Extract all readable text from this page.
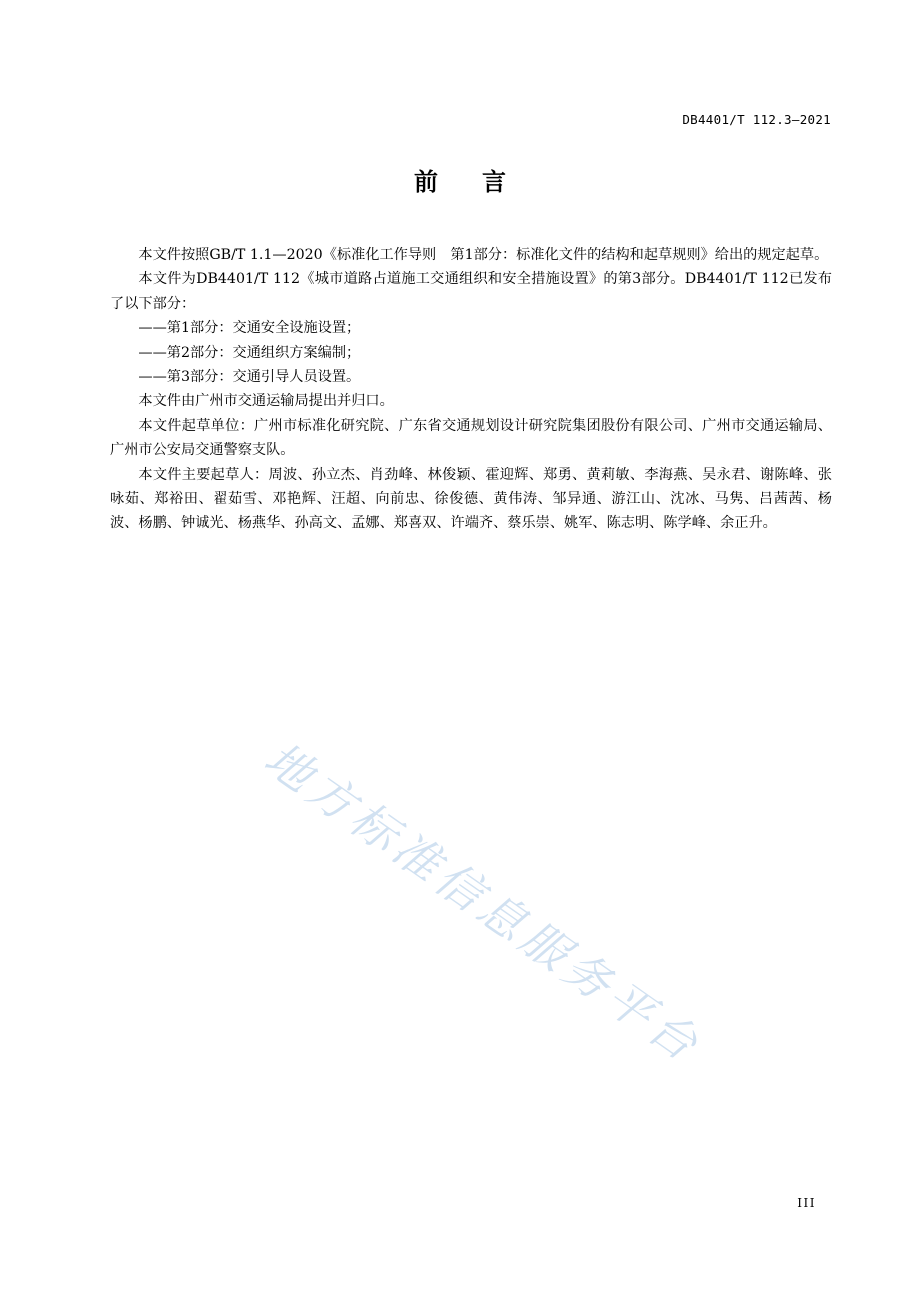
DB4401/T 112.3—2021
前言

本文件按照GB/T 1.1—2020《标准化工作导则　第1部分：标准化文件的结构和起草规则》给出的规定起草。

本文件为DB4401/T 112《城市道路占道施工交通组织和安全措施设置》的第3部分。DB4401/T 112已发布了以下部分：

——第1部分：交通安全设施设置；

——第2部分：交通组织方案编制；

——第3部分：交通引导人员设置。

本文件由广州市交通运输局提出并归口。

本文件起草单位：广州市标准化研究院、广东省交通规划设计研究院集团股份有限公司、广州市交通运输局、广州市公安局交通警察支队。

本文件主要起草人：周波、孙立杰、肖劲峰、林俊颖、霍迎辉、郑勇、黄莉敏、李海燕、吴永君、谢陈峰、张咏茹、郑裕田、翟茹雪、邓艳辉、汪超、向前忠、徐俊德、黄伟涛、邹异通、游江山、沈冰、马隽、吕茜茜、杨波、杨鹏、钟诚光、杨燕华、孙高文、孟娜、郑喜双、许端齐、蔡乐崇、姚军、陈志明、陈学峰、余正升。

地方标准信息服务平台
III
